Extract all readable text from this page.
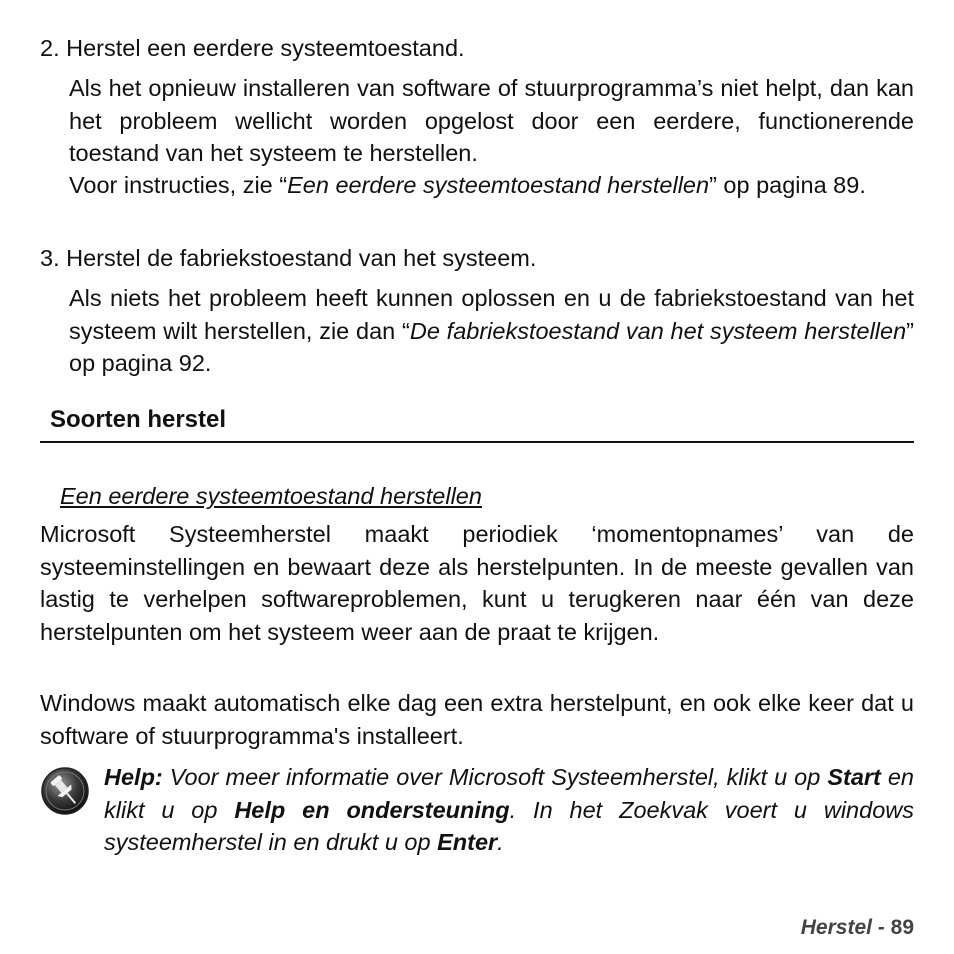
2. Herstel een eerdere systeemtoestand.

Als het opnieuw installeren van software of stuurprogramma’s niet helpt, dan kan het probleem wellicht worden opgelost door een eerdere, functionerende toestand van het systeem te herstellen.

Voor instructies, zie “Een eerdere systeemtoestand herstellen” op pagina 89.

3. Herstel de fabriekstoestand van het systeem.

Als niets het probleem heeft kunnen oplossen en u de fabriekstoestand van het systeem wilt herstellen, zie dan “De fabriekstoestand van het systeem herstellen” op pagina 92.

Soorten herstel
Een eerdere systeemtoestand herstellen

Microsoft Systeemherstel maakt periodiek ‘momentopnames’ van de systeeminstellingen en bewaart deze als herstelpunten. In de meeste gevallen van lastig te verhelpen softwareproblemen, kunt u terugkeren naar één van deze herstelpunten om het systeem weer aan de praat te krijgen.

Windows maakt automatisch elke dag een extra herstelpunt, en ook elke keer dat u software of stuurprogramma's installeert.

Help: Voor meer informatie over Microsoft Systeemherstel, klikt u op Start en klikt u op Help en ondersteuning. In het Zoekvak voert u windows systeemherstel in en drukt u op Enter.

Herstel - 89
